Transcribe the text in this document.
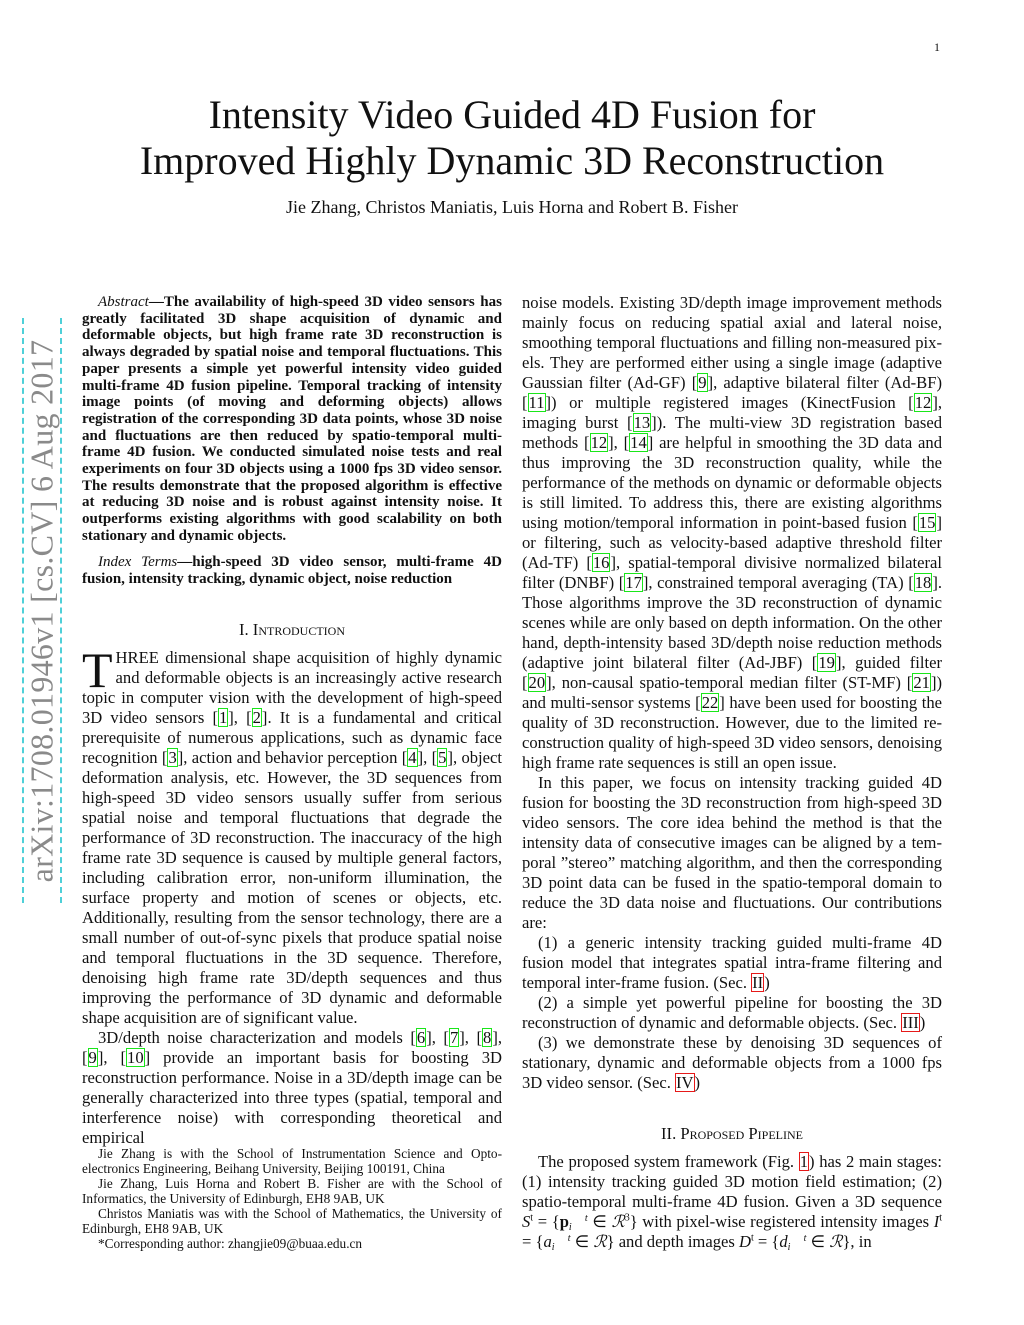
1
arXiv:1708.01946v1 [cs.CV] 6 Aug 2017
Intensity Video Guided 4D Fusion for
Improved Highly Dynamic 3D Reconstruction
Jie Zhang, Christos Maniatis, Luis Horna and Robert B. Fisher

Abstract—The availability of high-speed 3D video sensors has greatly facilitated 3D shape acquisition of dynamic and deformable objects, but high frame rate 3D reconstruction is always degraded by spatial noise and temporal fluctuations. This paper presents a simple yet powerful intensity video guided multi-frame 4D fusion pipeline. Temporal tracking of intensity image points (of moving and deforming objects) allows registration of the corresponding 3D data points, whose 3D noise and fluctuations are then reduced by spatio-temporal multi-frame 4D fusion. We conducted simulated noise tests and real experiments on four 3D objects using a 1000 fps 3D video sensor. The results demonstrate that the proposed algorithm is effective at reducing 3D noise and is robust against intensity noise. It outperforms existing algorithms with good scalability on both stationary and dynamic objects.

Index Terms—high-speed 3D video sensor, multi-frame 4D fusion, intensity tracking, dynamic object, noise reduction

I. Introduction

THREE dimensional shape acquisition of highly dynamic and deformable objects is an increasingly active research topic in computer vision with the development of high-speed 3D video sensors [1], [2]. It is a fundamental and critical prerequisite of numerous applications, such as dynamic face recognition [3], action and behavior perception [4], [5], object deformation analysis, etc. However, the 3D sequences from high-speed 3D video sensors usually suffer from serious spatial noise and temporal fluctuations that degrade the performance of 3D reconstruction. The inaccuracy of the high frame rate 3D sequence is caused by multiple general factors, including calibration error, non-uniform illumination, the surface property and motion of scenes or objects, etc. Additionally, resulting from the sensor technology, there are a small number of out-of-sync pixels that produce spatial noise and temporal fluctuations in the 3D sequence. Therefore, denoising high frame rate 3D/depth sequences and thus improving the performance of 3D dynamic and deformable shape acquisition are of significant value.

3D/depth noise characterization and models [6], [7], [8], [9], [10] provide an important basis for boosting 3D reconstruction performance. Noise in a 3D/depth image can be generally characterized into three types (spatial, temporal and interference noise) with corresponding theoretical and empirical

Jie Zhang is with the School of Instrumentation Science and Opto-electronics Engineering, Beihang University, Beijing 100191, China

Jie Zhang, Luis Horna and Robert B. Fisher are with the School of Informatics, the University of Edinburgh, EH8 9AB, UK

Christos Maniatis was with the School of Mathematics, the University of Edinburgh, EH8 9AB, UK

*Corresponding author: zhangjie09@buaa.edu.cn

noise models. Existing 3D/depth image improvement methods mainly focus on reducing spatial axial and lateral noise, smoothing temporal fluctuations and filling non-measured pixels. They are performed either using a single image (adaptive Gaussian filter (Ad-GF) [9], adaptive bilateral filter (Ad-BF) [11]) or multiple registered images (KinectFusion [12], imaging burst [13]). The multi-view 3D registration based methods [12], [14] are helpful in smoothing the 3D data and thus improving the 3D reconstruction quality, while the performance of the methods on dynamic or deformable objects is still limited. To address this, there are existing algorithms using motion/temporal information in point-based fusion [15] or filtering, such as velocity-based adaptive threshold filter (Ad-TF) [16], spatial-temporal divisive normalized bilateral filter (DNBF) [17], constrained temporal averaging (TA) [18]. Those algorithms improve the 3D reconstruction of dynamic scenes while are only based on depth information. On the other hand, depth-intensity based 3D/depth noise reduction methods (adaptive joint bilateral filter (Ad-JBF) [19], guided filter [20], non-causal spatio-temporal median filter (ST-MF) [21]) and multi-sensor systems [22] have been used for boosting the quality of 3D reconstruction. However, due to the limited reconstruction quality of high-speed 3D video sensors, denoising high frame rate sequences is still an open issue.

In this paper, we focus on intensity tracking guided 4D fusion for boosting the 3D reconstruction from high-speed 3D video sensors. The core idea behind the method is that the intensity data of consecutive images can be aligned by a temporal ”stereo” matching algorithm, and then the corresponding 3D point data can be fused in the spatio-temporal domain to reduce the 3D data noise and fluctuations. Our contributions are:

(1) a generic intensity tracking guided multi-frame 4D fusion model that integrates spatial intra-frame filtering and temporal inter-frame fusion. (Sec. II)

(2) a simple yet powerful pipeline for boosting the 3D reconstruction of dynamic and deformable objects. (Sec. III)

(3) we demonstrate these by denoising 3D sequences of stationary, dynamic and deformable objects from a 1000 fps 3D video sensor. (Sec. IV)

II. Proposed Pipeline

The proposed system framework (Fig. 1) has 2 main stages: (1) intensity tracking guided 3D motion field estimation; (2) spatio-temporal multi-frame 4D fusion. Given a 3D sequence $S^t = \{p$ t
i ∈ ℛ$^3$} with pixel-wise registered intensity images $I^t = \{a$ t
i ∈ ℛ} and depth images $D^t = \{d$ t
i ∈ ℛ}, in
